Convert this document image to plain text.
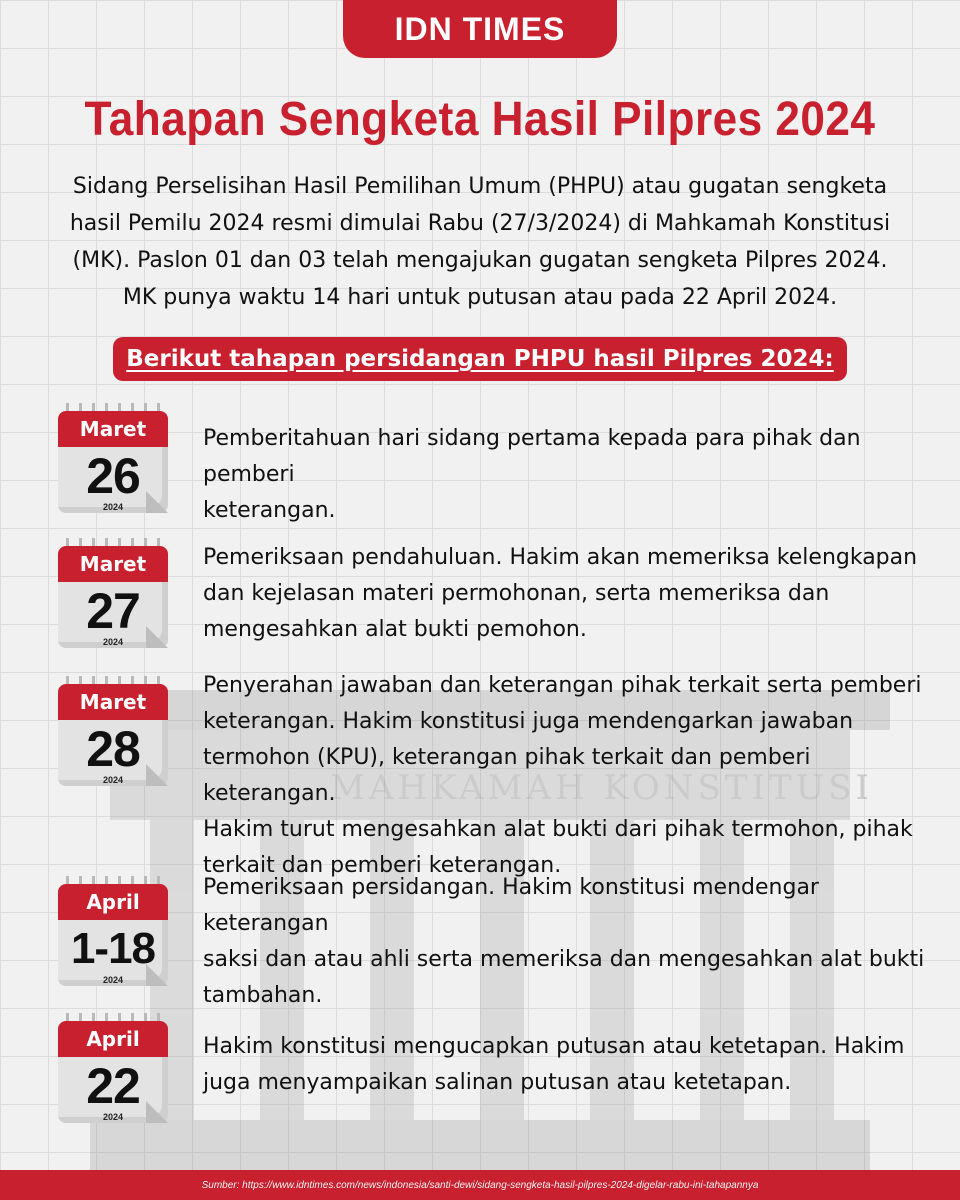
MAHKAMAH KONSTITUSI
IDN TIMES
Tahapan Sengketa Hasil Pilpres 2024
Sidang Perselisihan Hasil Pemilihan Umum (PHPU) atau gugatan sengketa
hasil Pemilu 2024 resmi dimulai Rabu (27/3/2024) di Mahkamah Konstitusi
(MK). Paslon 01 dan 03 telah mengajukan gugatan sengketa Pilpres 2024.
MK punya waktu 14 hari untuk putusan atau pada 22 April 2024.
Berikut tahapan persidangan PHPU hasil Pilpres 2024:
Maret
26
2024
Pemberitahuan hari sidang pertama kepada para pihak dan pemberi
keterangan.
Maret
27
2024
Pemeriksaan pendahuluan. Hakim akan memeriksa kelengkapan
dan kejelasan materi permohonan, serta memeriksa dan
mengesahkan alat bukti pemohon.
Maret
28
2024
Penyerahan jawaban dan keterangan pihak terkait serta pemberi
keterangan. Hakim konstitusi juga mendengarkan jawaban
termohon (KPU), keterangan pihak terkait dan pemberi keterangan.
Hakim turut mengesahkan alat bukti dari pihak termohon, pihak
terkait dan pemberi keterangan.
April
1-18
2024
Pemeriksaan persidangan. Hakim konstitusi mendengar keterangan
saksi dan atau ahli serta memeriksa dan mengesahkan alat bukti
tambahan.
April
22
2024
Hakim konstitusi mengucapkan putusan atau ketetapan. Hakim
juga menyampaikan salinan putusan atau ketetapan.
Sumber: https://www.idntimes.com/news/indonesia/santi-dewi/sidang-sengketa-hasil-pilpres-2024-digelar-rabu-ini-tahapannya
